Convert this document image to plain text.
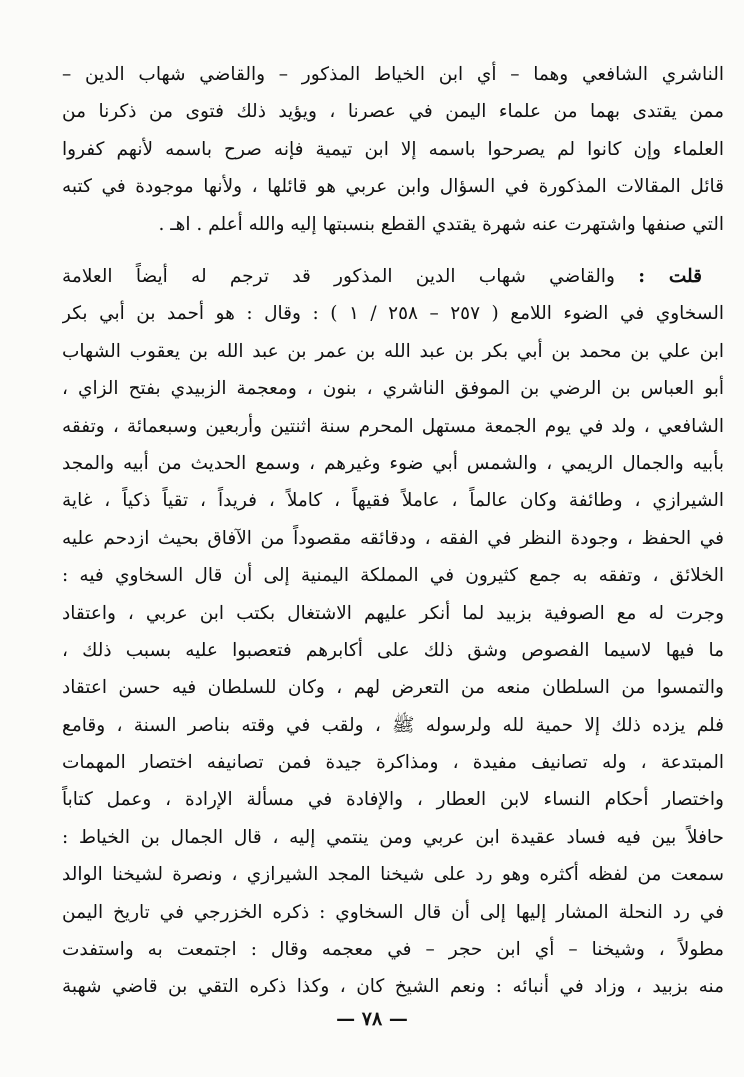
الناشري الشافعي وهما – أي ابن الخياط المذكور – والقاضي شهاب الدين –
ممن يقتدى بهما من علماء اليمن في عصرنا ، ويؤيد ذلك فتوى من ذكرنا من
العلماء وإن كانوا لم يصرحوا باسمه إلا ابن تيمية فإنه صرح باسمه لأنهم كفروا
قائل المقالات المذكورة في السؤال وابن عربي هو قائلها ، ولأنها موجودة في كتبه
التي صنفها واشتهرت عنه شهرة يقتدي القطع بنسبتها إليه والله أعلم . اهـ .
قلت : والقاضي شهاب الدين المذكور قد ترجم له أيضاً العلامة
السخاوي في الضوء اللامع ( ٢٥٧ – ٢٥٨ / ١ ) : وقال : هو أحمد بن أبي بكر
ابن علي بن محمد بن أبي بكر بن عبد الله بن عمر بن عبد الله بن يعقوب الشهاب
أبو العباس بن الرضي بن الموفق الناشري ، بنون ، ومعجمة الزبيدي بفتح الزاي ،
الشافعي ، ولد في يوم الجمعة مستهل المحرم سنة اثنتين وأربعين وسبعمائة ، وتفقه
بأبيه والجمال الريمي ، والشمس أبي ضوء وغيرهم ، وسمع الحديث من أبيه والمجد
الشيرازي ، وطائفة وكان عالماً ، عاملاً فقيهاً ، كاملاً ، فريداً ، تقياً ذكياً ، غاية
في الحفظ ، وجودة النظر في الفقه ، ودقائقه مقصوداً من الآفاق بحيث ازدحم عليه
الخلائق ، وتفقه به جمع كثيرون في المملكة اليمنية إلى أن قال السخاوي فيه :
وجرت له مع الصوفية بزبيد لما أنكر عليهم الاشتغال بكتب ابن عربي ، واعتقاد
ما فيها لاسيما الفصوص وشق ذلك على أكابرهم فتعصبوا عليه بسبب ذلك ،
والتمسوا من السلطان منعه من التعرض لهم ، وكان للسلطان فيه حسن اعتقاد
فلم يزده ذلك إلا حمية لله ولرسوله ﷺ ، ولقب في وقته بناصر السنة ، وقامع
المبتدعة ، وله تصانيف مفيدة ، ومذاكرة جيدة فمن تصانيفه اختصار المهمات
واختصار أحكام النساء لابن العطار ، والإفادة في مسألة الإرادة ، وعمل كتاباً
حافلاً بين فيه فساد عقيدة ابن عربي ومن ينتمي إليه ، قال الجمال بن الخياط :
سمعت من لفظه أكثره وهو رد على شيخنا المجد الشيرازي ، ونصرة لشيخنا الوالد
في رد النحلة المشار إليها إلى أن قال السخاوي : ذكره الخزرجي في تاريخ اليمن
مطولاً ، وشيخنا – أي ابن حجر – في معجمه وقال : اجتمعت به واستفدت
منه بزبيد ، وزاد في أنبائه : ونعم الشيخ كان ، وكذا ذكره التقي بن قاضي شهبة
— ٧٨ —
